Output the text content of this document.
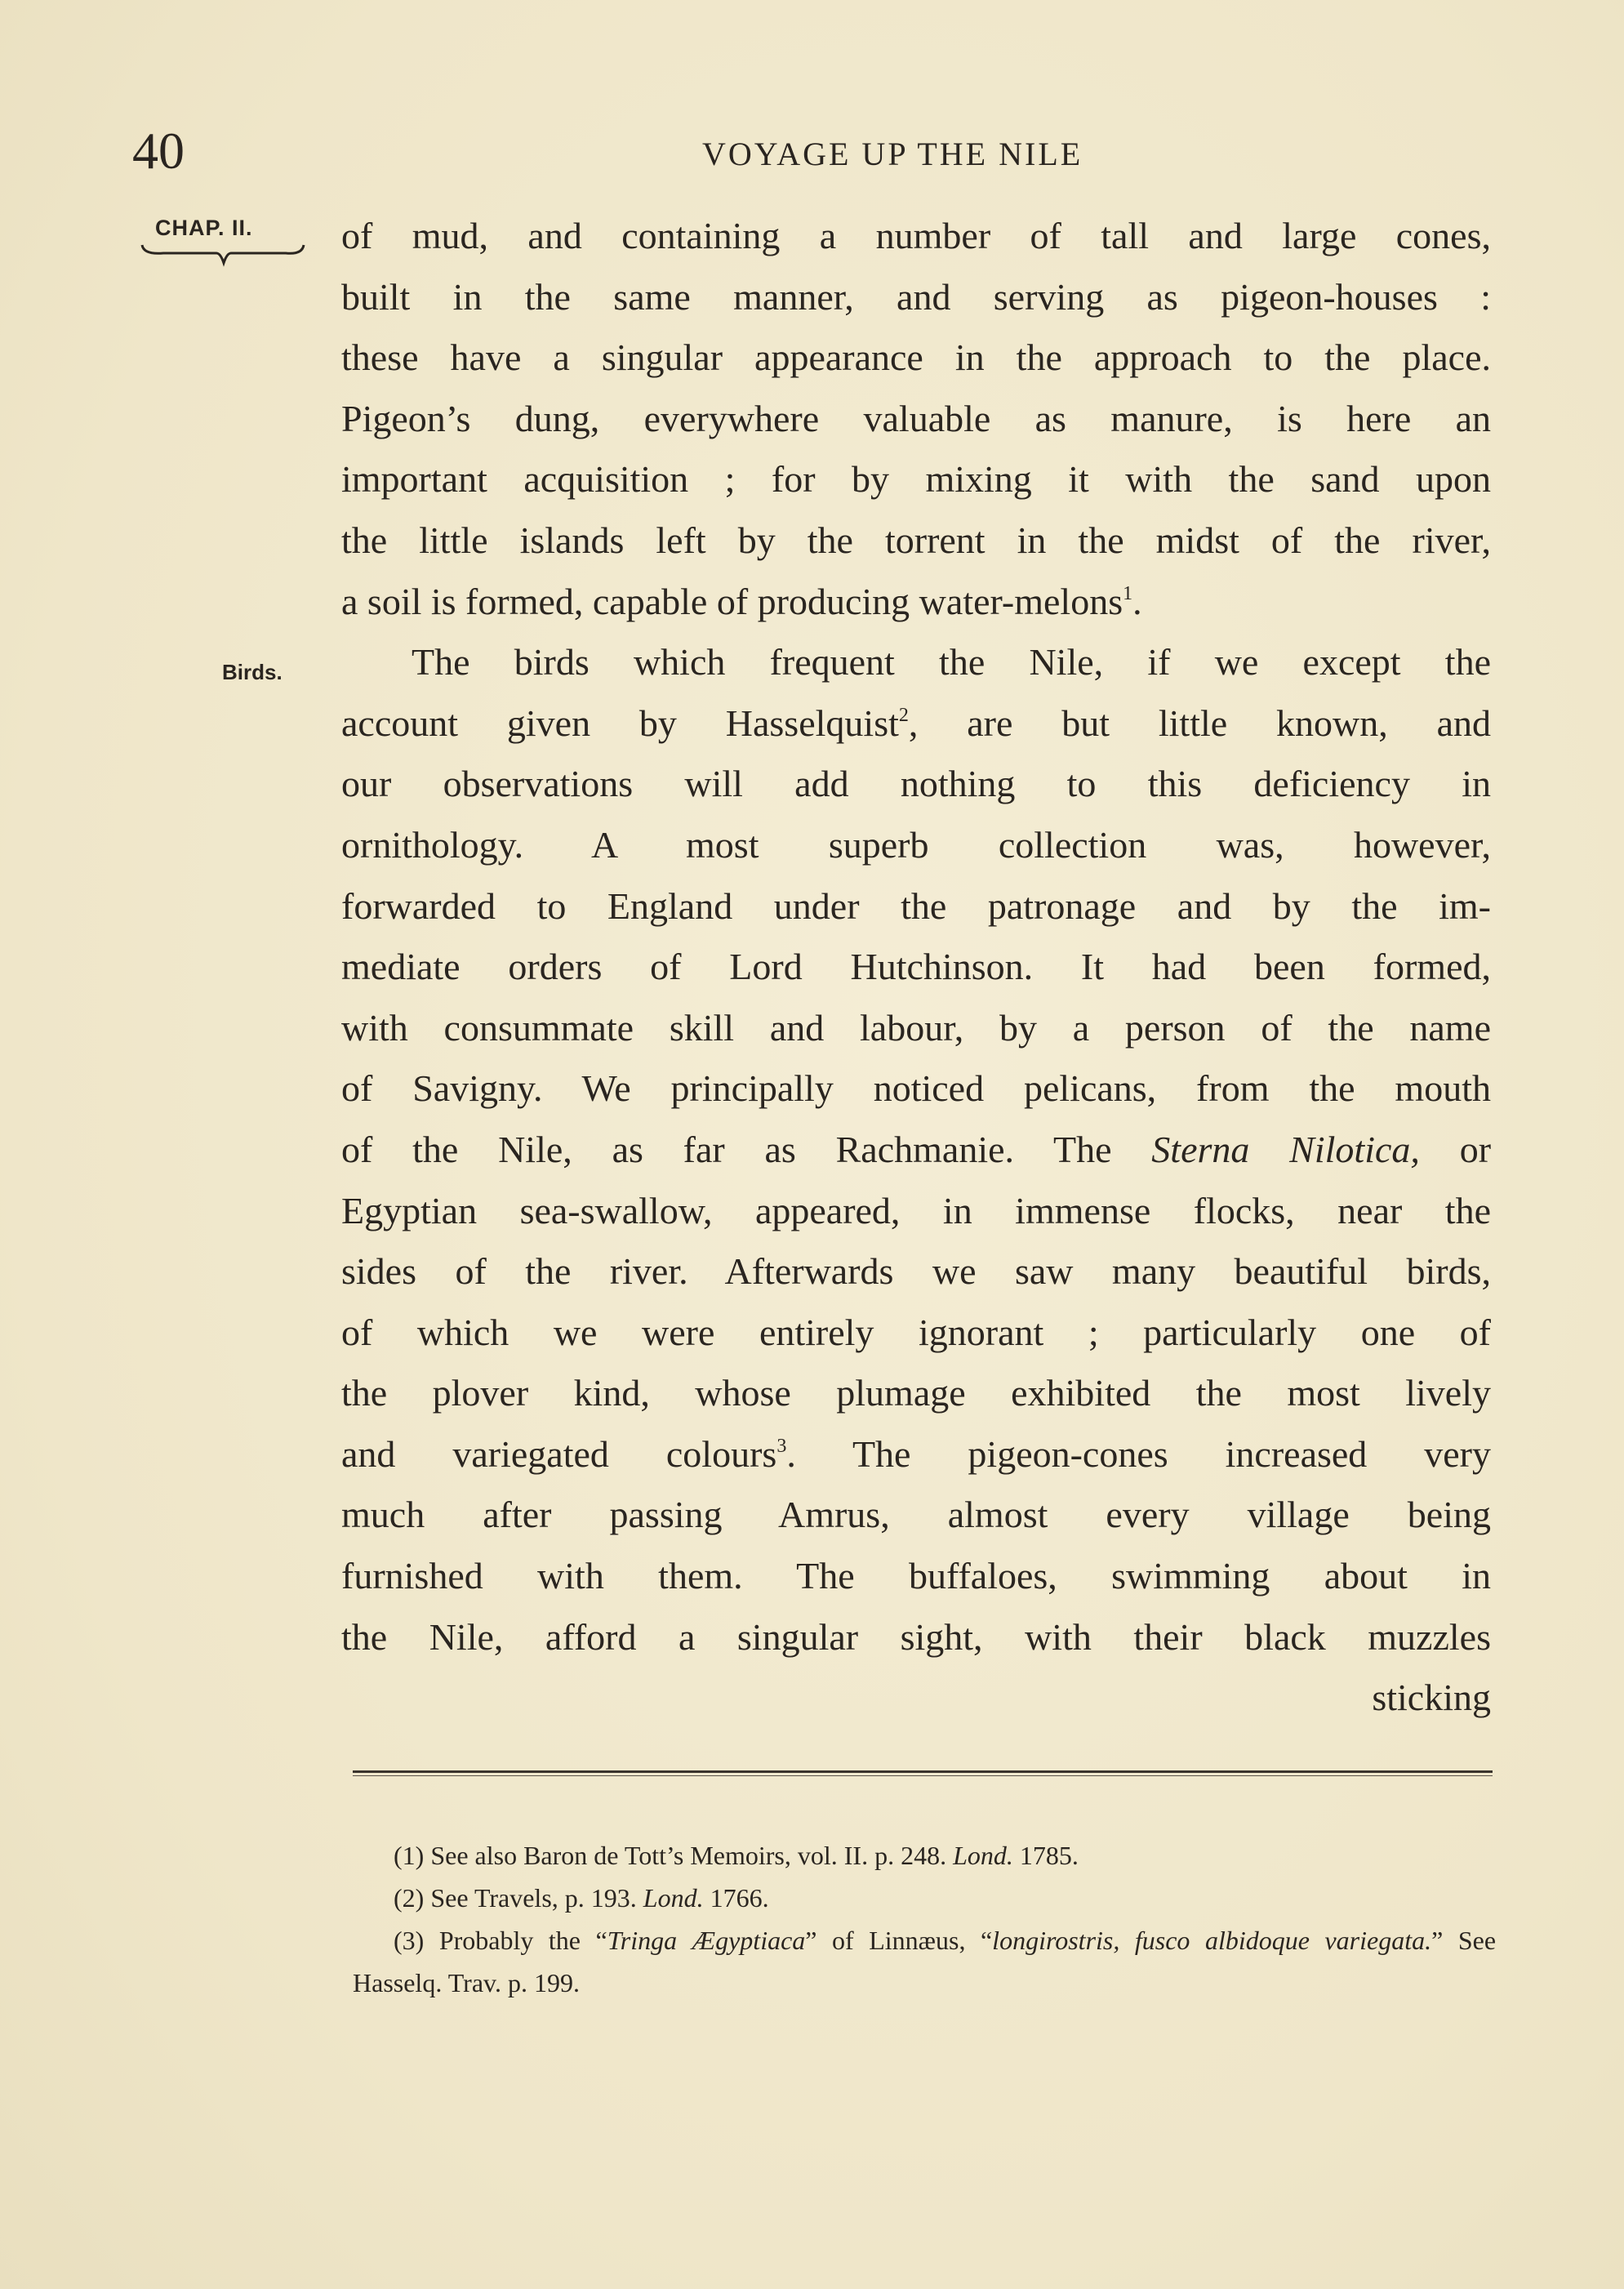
40	VOYAGE UP THE NILE
CHAP. II.
Birds.
of mud, and containing a number of tall and large cones,
built in the same manner, and serving as pigeon-houses :
these have a singular appearance in the approach to the place.
Pigeon’s dung, everywhere valuable as manure, is here an
important acquisition ; for by mixing it with the sand upon
the little islands left by the torrent in the midst of the river,
a soil is formed, capable of producing water-melons$^1$.
The birds which frequent the Nile, if we except the
account given by Hasselquist$^2$, are but little known, and
our observations will add nothing to this deficiency in
ornithology. A most superb collection was, however,
forwarded to England under the patronage and by the im-
mediate orders of Lord Hutchinson. It had been formed,
with consummate skill and labour, by a person of the name
of Savigny. We principally noticed pelicans, from the mouth
of the Nile, as far as Rachmanie. The Sterna Nilotica, or
Egyptian sea-swallow, appeared, in immense flocks, near the
sides of the river. Afterwards we saw many beautiful birds,
of which we were entirely ignorant ; particularly one of
the plover kind, whose plumage exhibited the most lively
and variegated colours$^3$. The pigeon-cones increased very
much after passing Amrus, almost every village being
furnished with them. The buffaloes, swimming about in
the Nile, afford a singular sight, with their black muzzles
sticking
(1) See also Baron de Tott’s Memoirs, vol. II. p. 248. Lond. 1785.
(2) See Travels, p. 193. Lond. 1766.
(3) Probably the “Tringa Ægyptiaca” of Linnæus, “longirostris, fusco albidoque variegata.” See Hasselq. Trav. p. 199.
